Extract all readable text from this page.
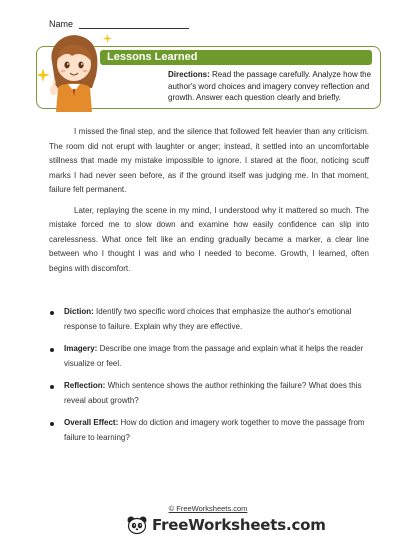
Name
Lessons Learned
Directions: Read the passage carefully. Analyze how the author's word choices and imagery convey reflection and growth. Answer each question clearly and briefly.

I missed the final step, and the silence that followed felt heavier than any criticism. The room did not erupt with laughter or anger; instead, it settled into an uncomfortable stillness that made my mistake impossible to ignore. I stared at the floor, noticing scuff marks I had never seen before, as if the ground itself was judging me. In that moment, failure felt permanent.

Later, replaying the scene in my mind, I understood why it mattered so much. The mistake forced me to slow down and examine how easily confidence can slip into carelessness. What once felt like an ending gradually became a marker, a clear line between who I thought I was and who I needed to become. Growth, I learned, often begins with discomfort.

Diction: Identify two specific word choices that emphasize the author's emotional response to failure. Explain why they are effective.
Imagery: Describe one image from the passage and explain what it helps the reader visualize or feel.
Reflection: Which sentence shows the author rethinking the failure? What does this reveal about growth?
Overall Effect: How do diction and imagery work together to move the passage from failure to learning?
© FreeWorksheets.com
FreeWorksheets.com
